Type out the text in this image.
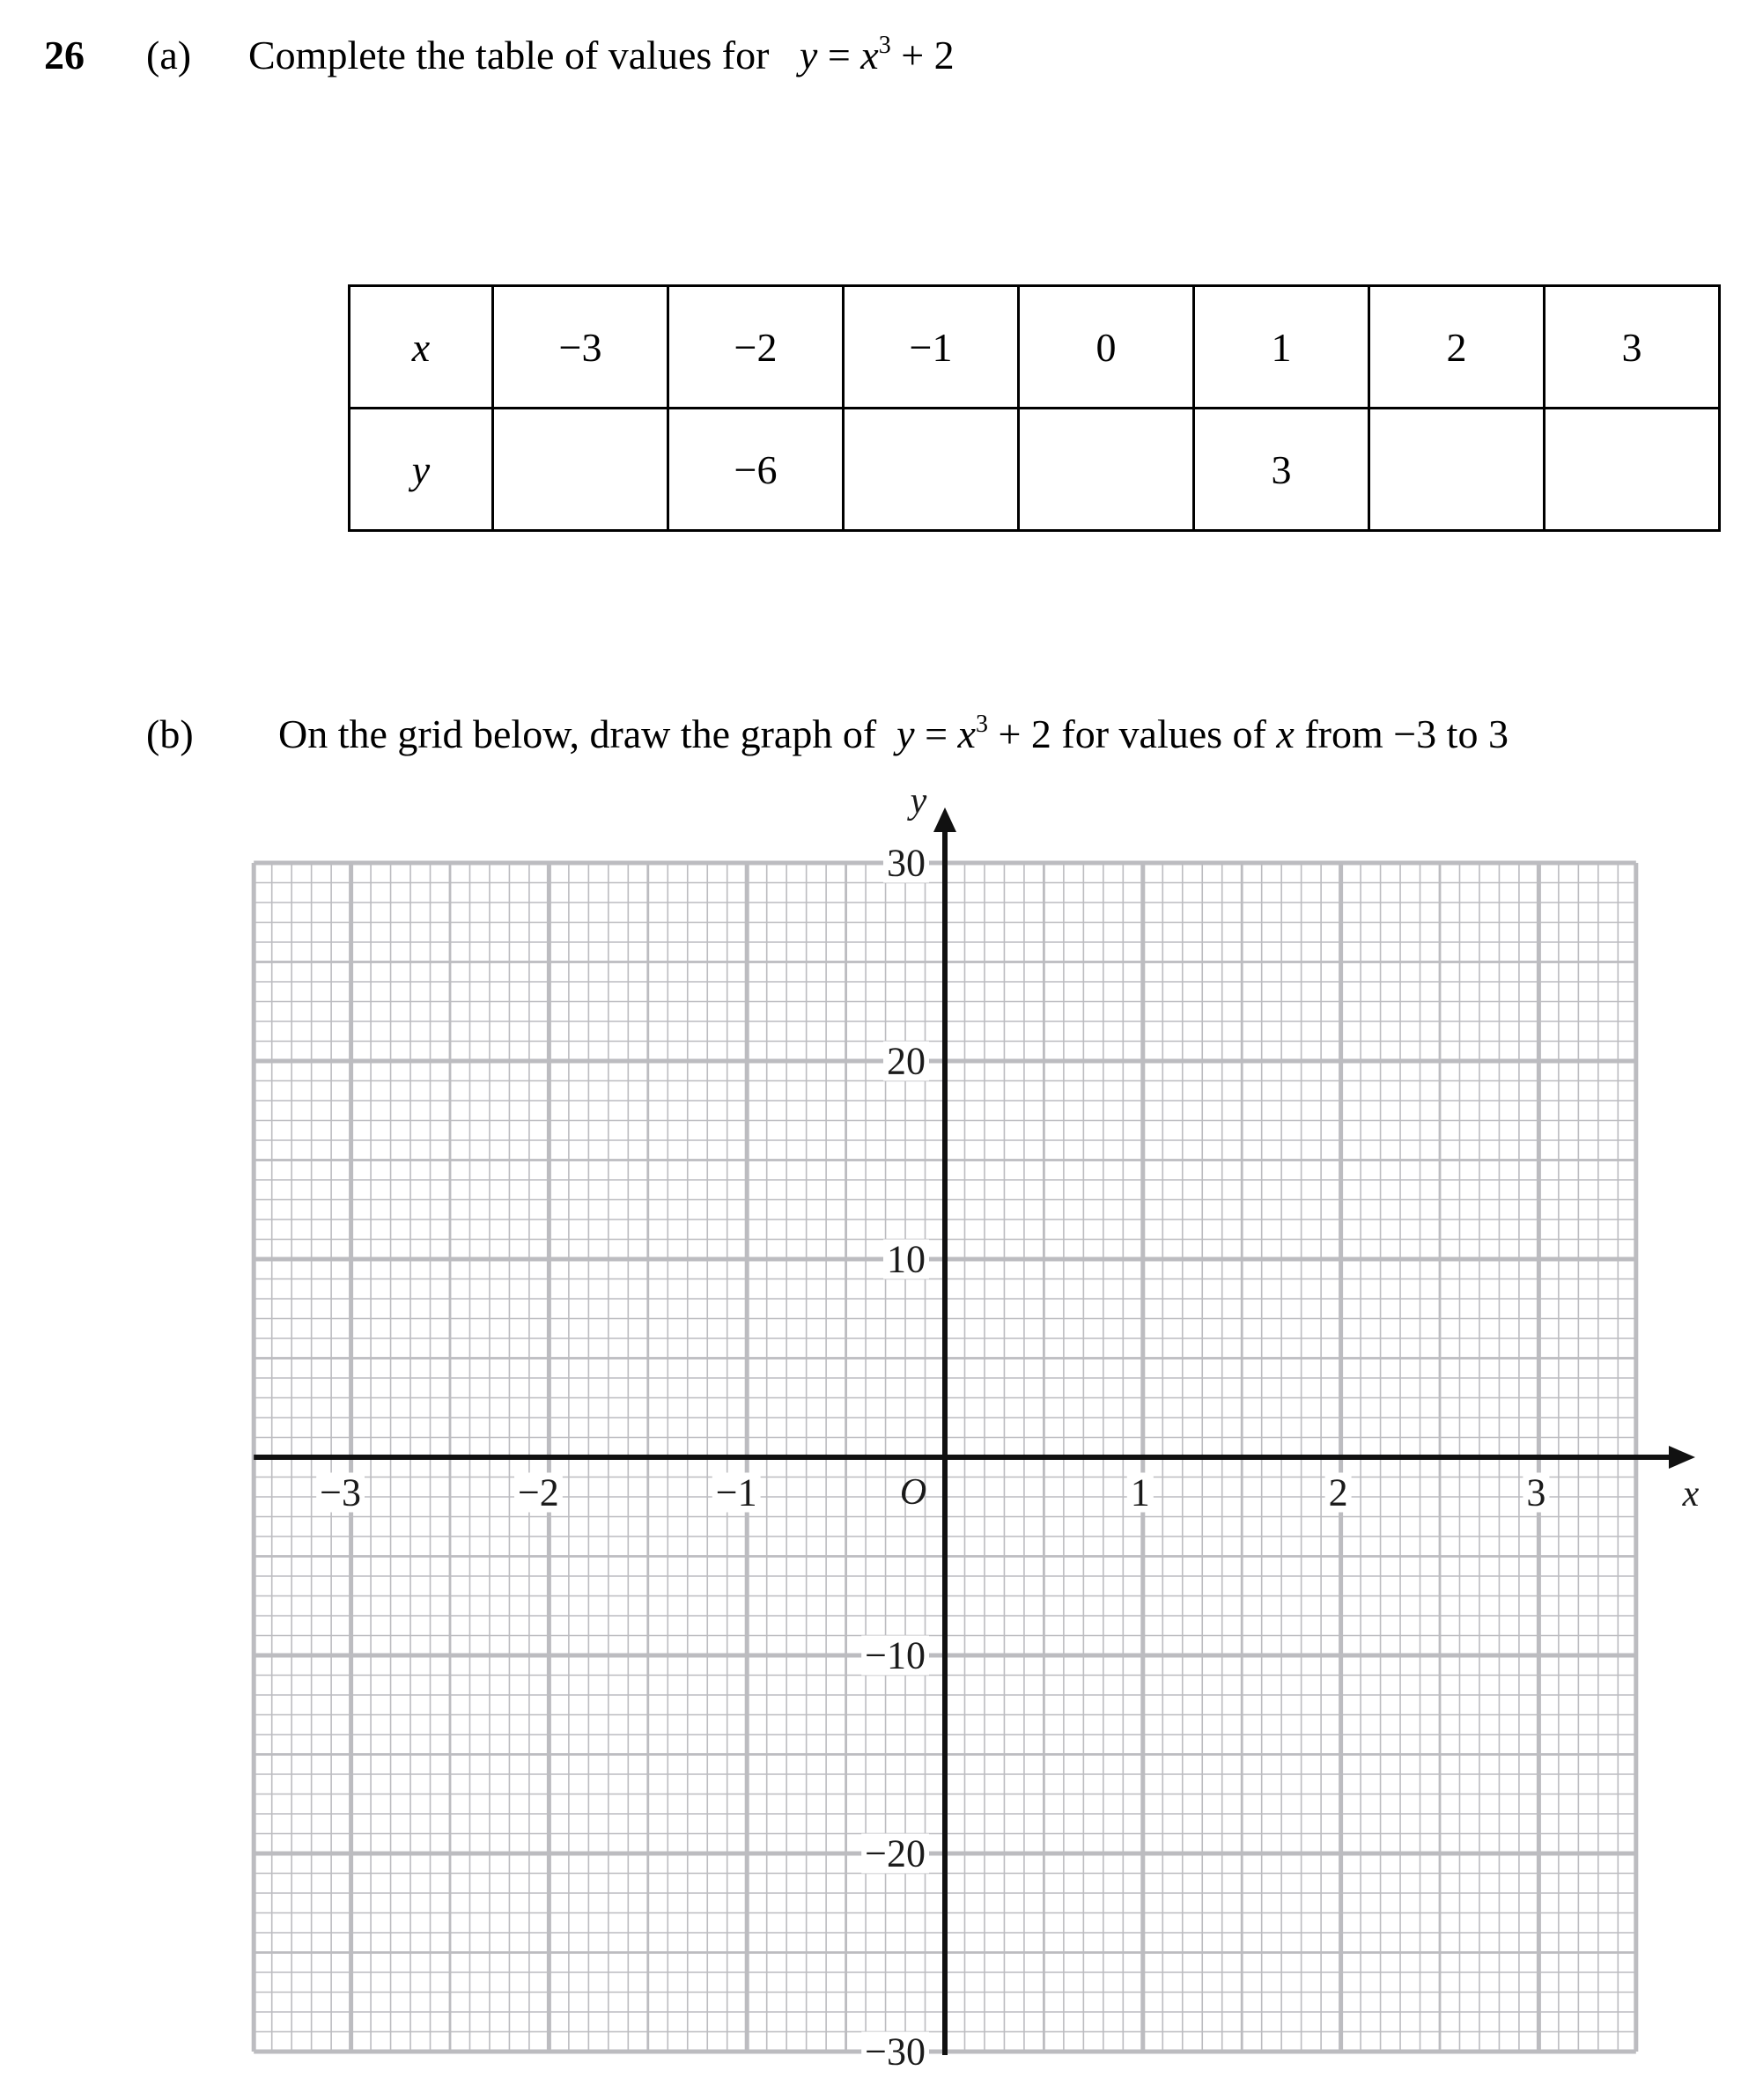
26 (a) Complete the table of values for $y = x^3 + 2$
x	−3	−2	−1	0	1	2	3
y		−6			3		
(b) On the grid below, draw the graph of $y = x^3 + 2$ for values of x from −3 to 3
−3	−2	−1	1	2	3
30
20
10
−10
−20
−30
O	x
y
